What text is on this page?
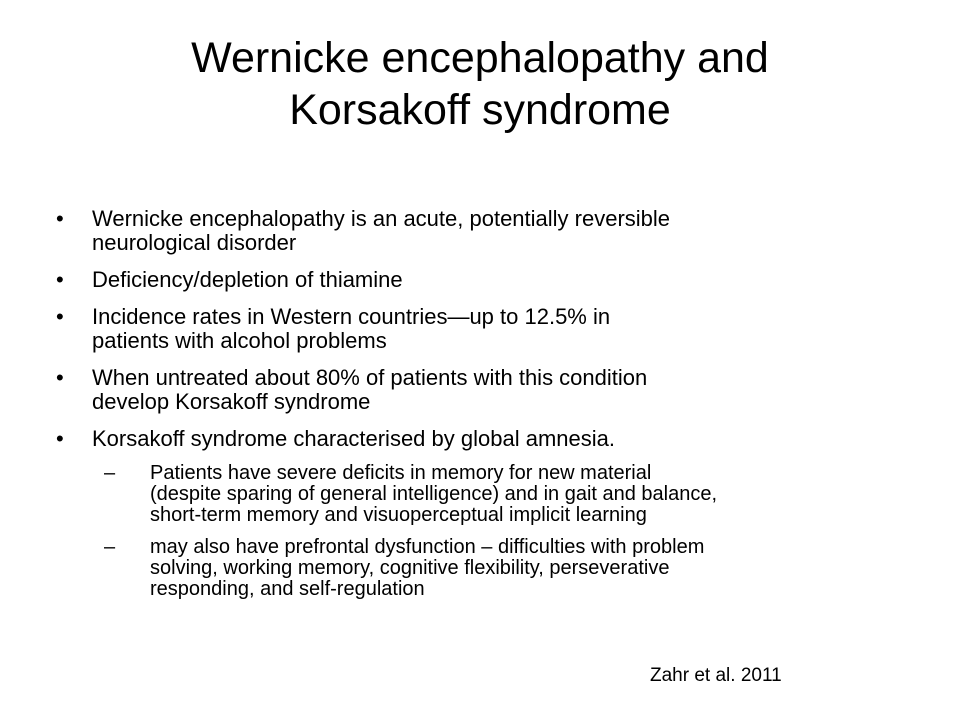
Wernicke encephalopathy and
Korsakoff syndrome
•	Wernicke encephalopathy is an acute, potentially reversible
neurological disorder
•	Deficiency/depletion of thiamine
•	Incidence rates in Western countries—up to 12.5% in
patients with alcohol problems
•	When untreated about 80% of patients with this condition
develop Korsakoff syndrome
•	Korsakoff syndrome characterised by global amnesia.
–	Patients have severe deficits in memory for new material
(despite sparing of general intelligence) and in gait and balance,
short-term memory and visuoperceptual implicit learning
–	may also have prefrontal dysfunction – difficulties with problem
solving, working memory, cognitive flexibility, perseverative
responding, and self-regulation
Zahr et al. 2011
